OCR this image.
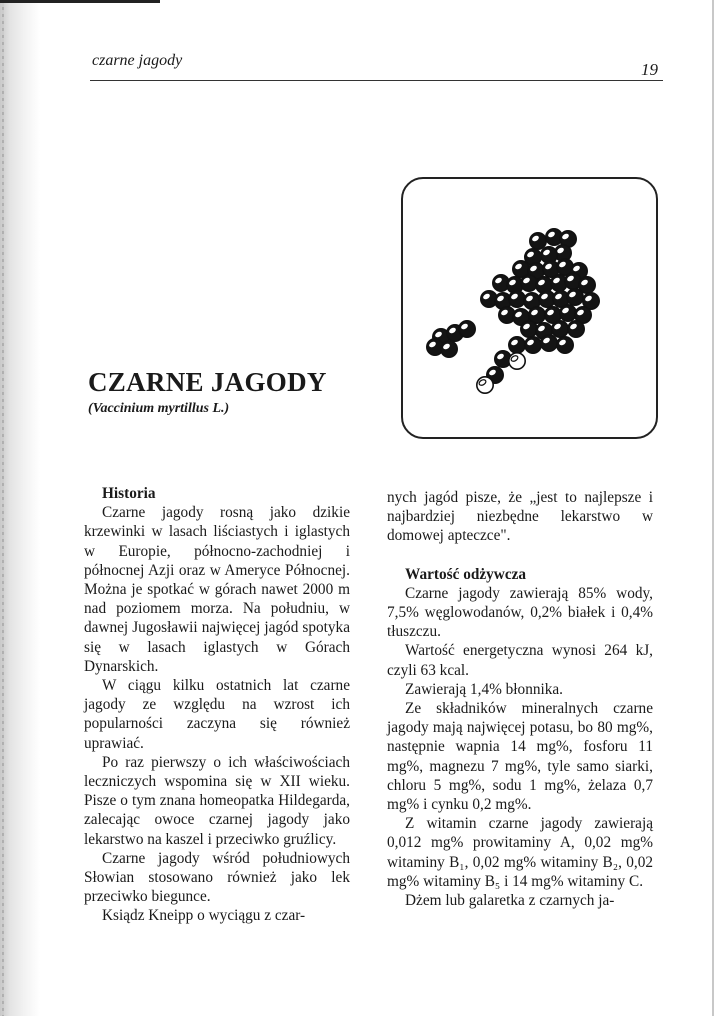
czarne jagody	19
CZARNE JAGODY
(Vaccinium myrtillus L.)

Historia

Czarne jagody rosną jako dzikie krzewinki w lasach liściastych i iglastych w Europie, północno-zachodniej i północnej Azji oraz w Ameryce Północnej. Można je spotkać w górach nawet 2000 m nad poziomem morza. Na południu, w dawnej Jugosławii najwięcej jagód spotyka się w lasach iglastych w Górach Dynarskich.

W ciągu kilku ostatnich lat czarne jagody ze względu na wzrost ich popularności zaczyna się również uprawiać.

Po raz pierwszy o ich właściwościach leczniczych wspomina się w XII wieku. Pisze o tym znana homeopatka Hildegarda, zalecając owoce czarnej jagody jako lekarstwo na kaszel i przeciwko gruźlicy.

Czarne jagody wśród południowych Słowian stosowano również jako lek przeciwko biegunce.

Ksiądz Kneipp o wyciągu z czar-

nych jagód pisze, że „jest to najlepsze i najbardziej niezbędne lekarstwo w domowej apteczce".

Wartość odżywcza

Czarne jagody zawierają 85% wody, 7,5% węglowodanów, 0,2% białek i 0,4% tłuszczu.

Wartość energetyczna wynosi 264 kJ, czyli 63 kcal.

Zawierają 1,4% błonnika.

Ze składników mineralnych czarne jagody mają najwięcej potasu, bo 80 mg%, następnie wapnia 14 mg%, fosforu 11 mg%, magnezu 7 mg%, tyle samo siarki, chloru 5 mg%, sodu 1 mg%, żelaza 0,7 mg% i cynku 0,2 mg%.

Z witamin czarne jagody zawierają 0,012 mg% prowitaminy A, 0,02 mg% witaminy B₁, 0,02 mg% witaminy B₂, 0,02 mg% witaminy B₅ i 14 mg% witaminy C.

Dżem lub galaretka z czarnych ja-
